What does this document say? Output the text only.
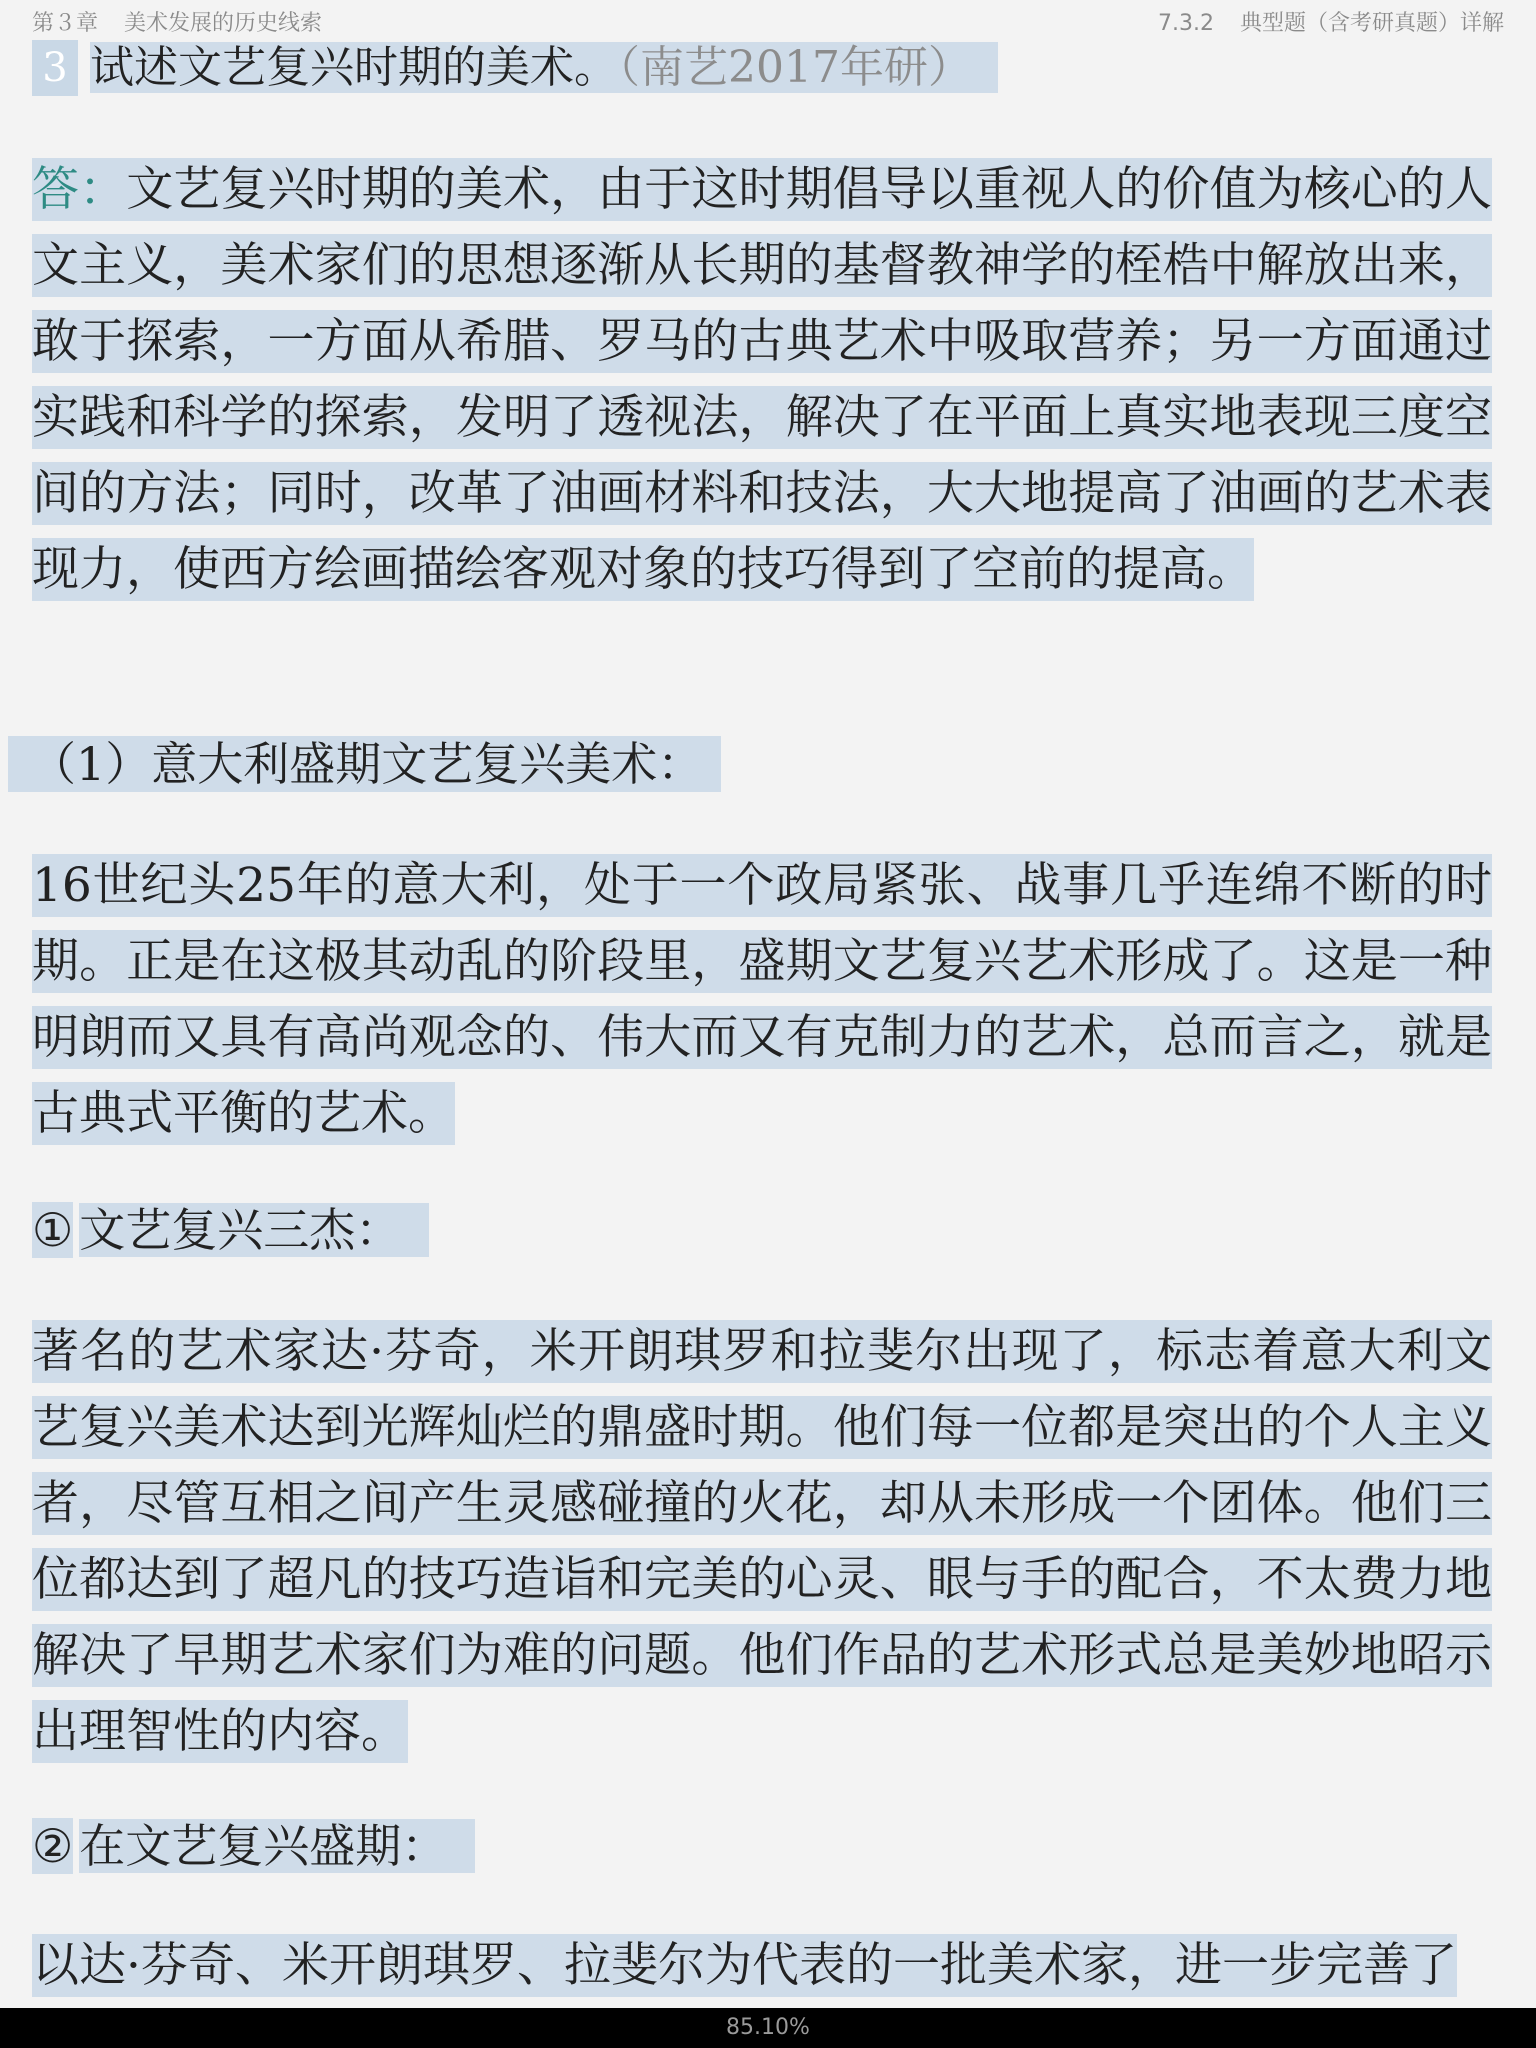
第３章 美术发展的历史线索	7.3.2 典型题（含考研真题）详解
3 试述文艺复兴时期的美术。（南艺2017年研）

答：文艺复兴时期的美术，由于这时期倡导以重视人的价值为核心的人文主义，美术家们的思想逐渐从长期的基督教神学的桎梏中解放出来，敢于探索，一方面从希腊、罗马的古典艺术中吸取营养；另一方面通过实践和科学的探索，发明了透视法，解决了在平面上真实地表现三度空间的方法；同时，改革了油画材料和技法，大大地提高了油画的艺术表现力，使西方绘画描绘客观对象的技巧得到了空前的提高。

（1）意大利盛期文艺复兴美术：

16世纪头25年的意大利，处于一个政局紧张、战事几乎连绵不断的时期。正是在这极其动乱的阶段里，盛期文艺复兴艺术形成了。这是一种明朗而又具有高尚观念的、伟大而又有克制力的艺术，总而言之，就是古典式平衡的艺术。

① 文艺复兴三杰：

著名的艺术家达·芬奇，米开朗琪罗和拉斐尔出现了，标志着意大利文艺复兴美术达到光辉灿烂的鼎盛时期。他们每一位都是突出的个人主义者，尽管互相之间产生灵感碰撞的火花，却从未形成一个团体。他们三位都达到了超凡的技巧造诣和完美的心灵、眼与手的配合，不太费力地解决了早期艺术家们为难的问题。他们作品的艺术形式总是美妙地昭示出理智性的内容。

② 在文艺复兴盛期：

以达·芬奇、米开朗琪罗、拉斐尔为代表的一批美术家，进一步完善了

85.10%
